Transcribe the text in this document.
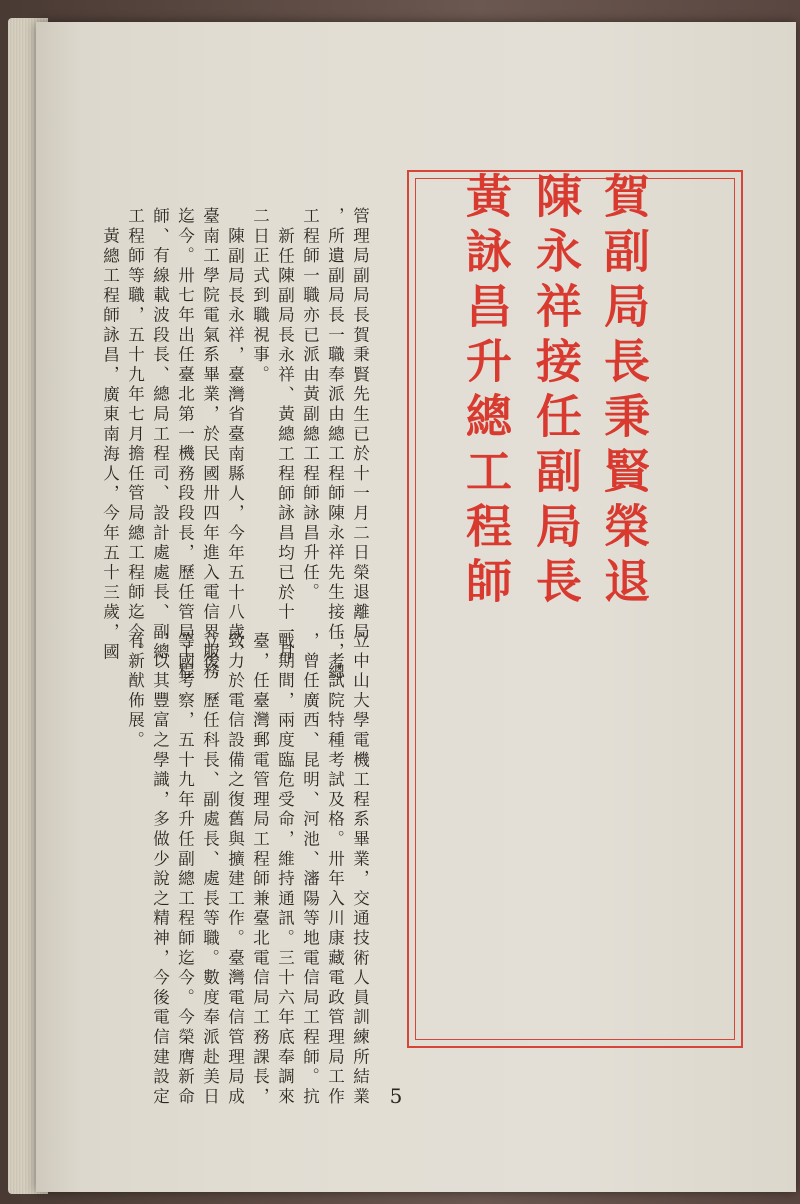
賀副局長秉賢榮退
陳永祥接任副局長
黃詠昌升總工程師
管理局副局長賀秉賢先生已於十一月二日榮退離局
，所遺副局長一職奉派由總工程師陳永祥先生接任，總
工程師一職亦已派由黃副總工程師詠昌升任。
新任陳副局長永祥、黃總工程師詠昌均已於十一月
二日正式到職視事。
陳副局長永祥，臺灣省臺南縣人，今年五十八歲，
臺南工學院電氣系畢業，於民國卅四年進入電信界服務
迄今。卅七年出任臺北第一機務段段長，歷任管局工程
師、有線載波段長、總局工程司、設計處處長、副總
工程師等職，五十九年七月擔任管局總工程師迄今。
黃總工程師詠昌，廣東南海人，今年五十三歲，國
立中山大學電機工程系畢業，交通技術人員訓練所結業
，考試院特種考試及格。卅年入川康藏電政管理局工作
，曾任廣西、昆明、河池、瀋陽等地電信局工程師。抗
戰期間，兩度臨危受命，維持通訊。三十六年底奉調來
臺，任臺灣郵電管理局工程師兼臺北電信局工務課長，
致力於電信設備之復舊與擴建工作。臺灣電信管理局成
立後，歷任科長、副處長、處長等職。數度奉派赴美日
等國考察，五十九年升任副總工程師迄今。今榮膺新命
，以其豐富之學識，多做少說之精神，今後電信建設定
有新猷佈展。
5
